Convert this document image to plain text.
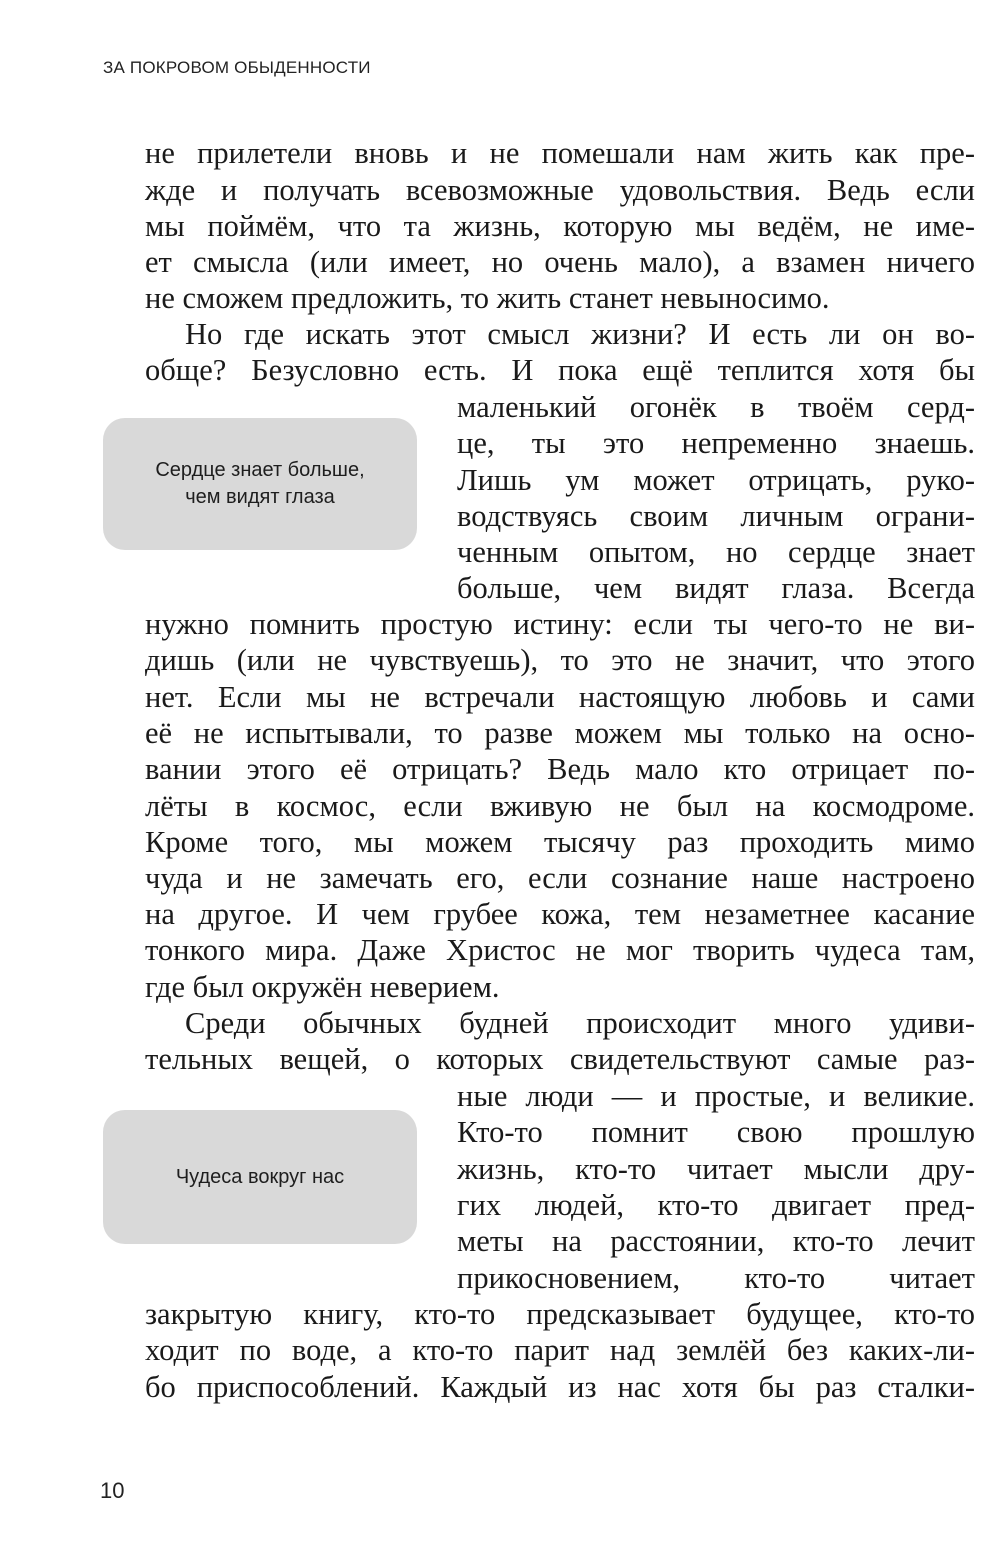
ЗА ПОКРОВОМ ОБЫДЕННОСТИ
не прилетели вновь и не помешали нам жить как пре-
жде и получать всевозможные удовольствия. Ведь если
мы поймём, что та жизнь, которую мы ведём, не име-
ет смысла (или имеет, но очень мало), а взамен ничего
не сможем предложить, то жить станет невыносимо.
Но где искать этот смысл жизни? И есть ли он во-
обще? Безусловно есть. И пока ещё теплится хотя бы
маленький огонёк в твоём серд-
це, ты это непременно знаешь.
Лишь ум может отрицать, руко-
водствуясь своим личным ограни-
ченным опытом, но сердце знает
больше, чем видят глаза. Всегда
нужно помнить простую истину: если ты чего-то не ви-
дишь (или не чувствуешь), то это не значит, что этого
нет. Если мы не встречали настоящую любовь и сами
её не испытывали, то разве можем мы только на осно-
вании этого её отрицать? Ведь мало кто отрицает по-
лёты в космос, если вживую не был на космодроме.
Кроме того, мы можем тысячу раз проходить мимо
чуда и не замечать его, если сознание наше настроено
на другое. И чем грубее кожа, тем незаметнее касание
тонкого мира. Даже Христос не мог творить чудеса там,
где был окружён неверием.
Среди обычных будней происходит много удиви-
тельных вещей, о которых свидетельствуют самые раз-
ные люди — и простые, и великие.
Кто-то помнит свою прошлую
жизнь, кто-то читает мысли дру-
гих людей, кто-то двигает пред-
меты на расстоянии, кто-то лечит
прикосновением, кто-то читает
закрытую книгу, кто-то предсказывает будущее, кто-то
ходит по воде, а кто-то парит над землёй без каких-ли-
бо приспособлений. Каждый из нас хотя бы раз сталки-
Сердце знает больше,
чем видят глаза
Чудеса вокруг нас
10
